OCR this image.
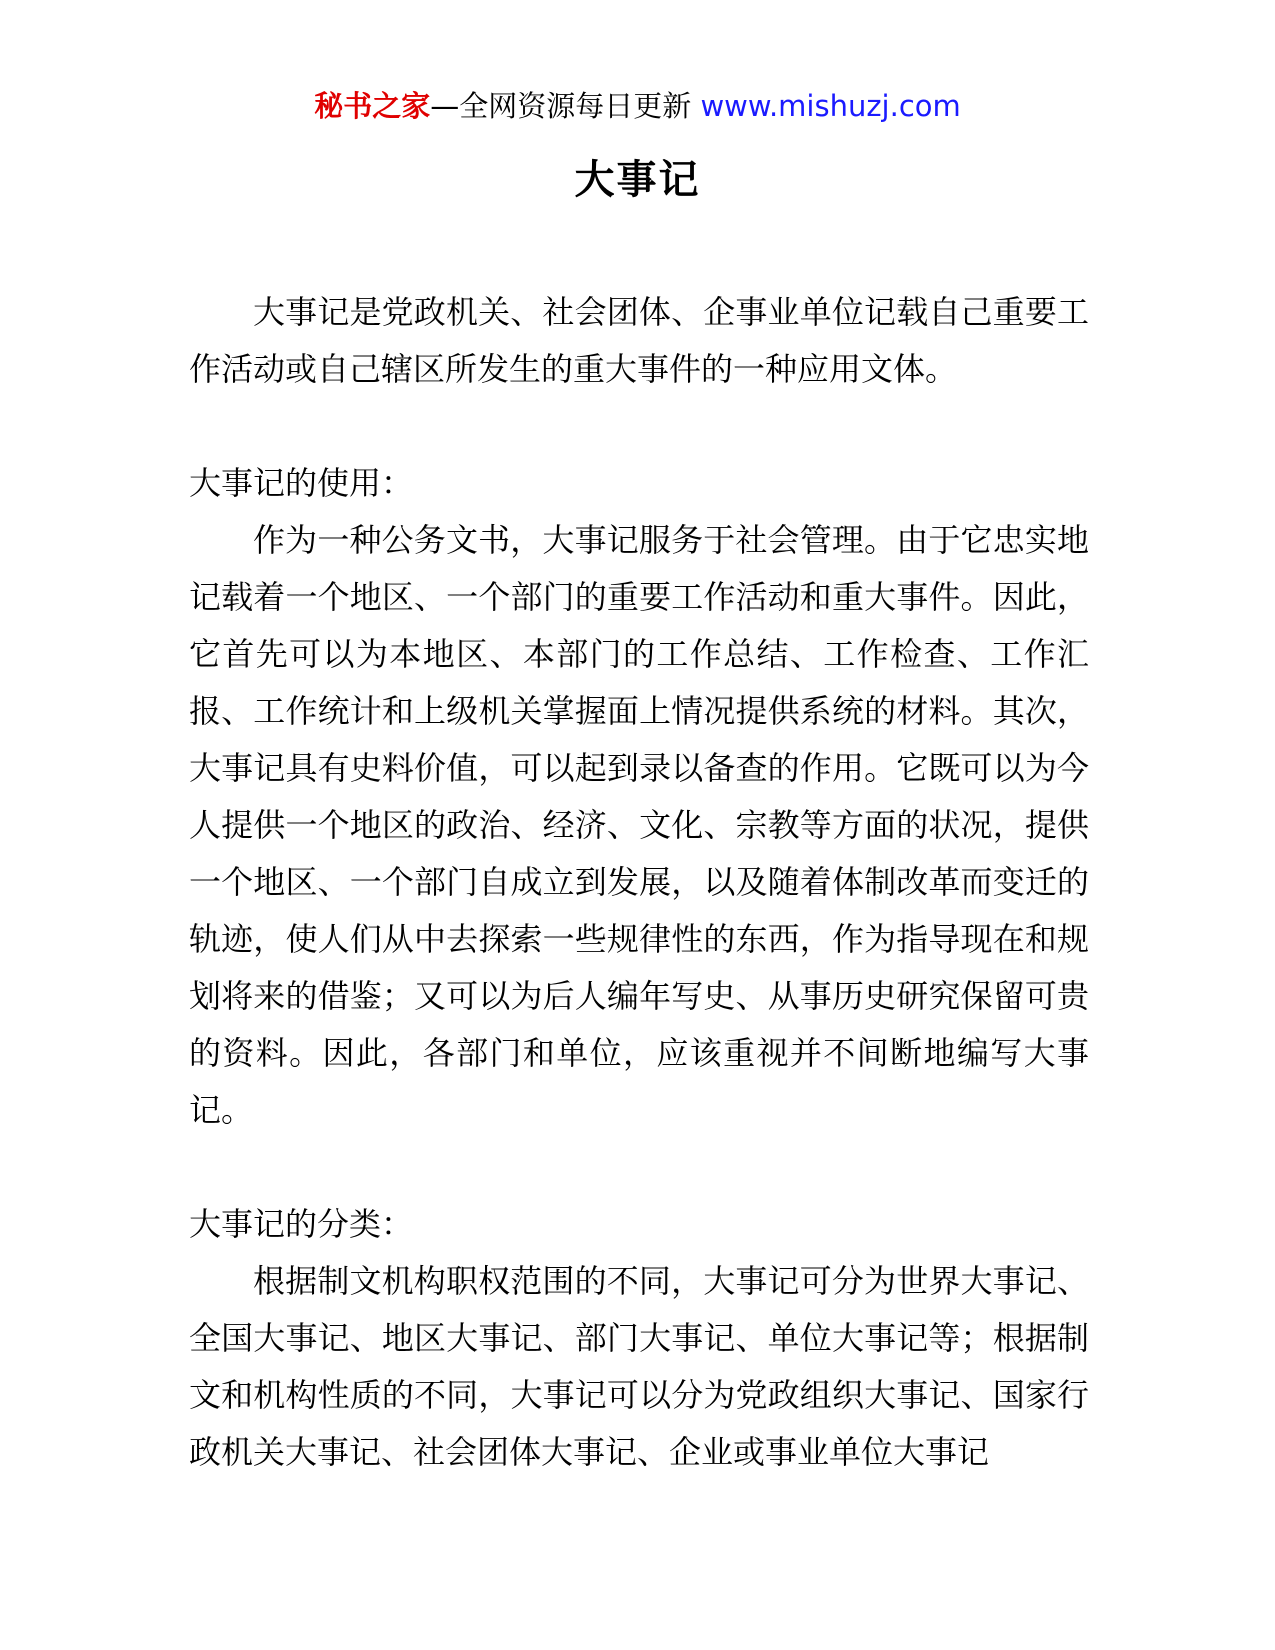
秘书之家—全网资源每日更新 www.mishuzj.com
大事记

大事记是党政机关、社会团体、企事业单位记载自己重要工作活动或自己辖区所发生的重大事件的一种应用文体。

大事记的使用：

作为一种公务文书，大事记服务于社会管理。由于它忠实地记载着一个地区、一个部门的重要工作活动和重大事件。因此，它首先可以为本地区、本部门的工作总结、工作检查、工作汇报、工作统计和上级机关掌握面上情况提供系统的材料。其次，大事记具有史料价值，可以起到录以备查的作用。它既可以为今人提供一个地区的政治、经济、文化、宗教等方面的状况，提供一个地区、一个部门自成立到发展，以及随着体制改革而变迁的轨迹，使人们从中去探索一些规律性的东西，作为指导现在和规划将来的借鉴；又可以为后人编年写史、从事历史研究保留可贵的资料。因此，各部门和单位，应该重视并不间断地编写大事记。

大事记的分类：

根据制文机构职权范围的不同，大事记可分为世界大事记、全国大事记、地区大事记、部门大事记、单位大事记等；根据制文和机构性质的不同，大事记可以分为党政组织大事记、国家行政机关大事记、社会团体大事记、企业或事业单位大事记
